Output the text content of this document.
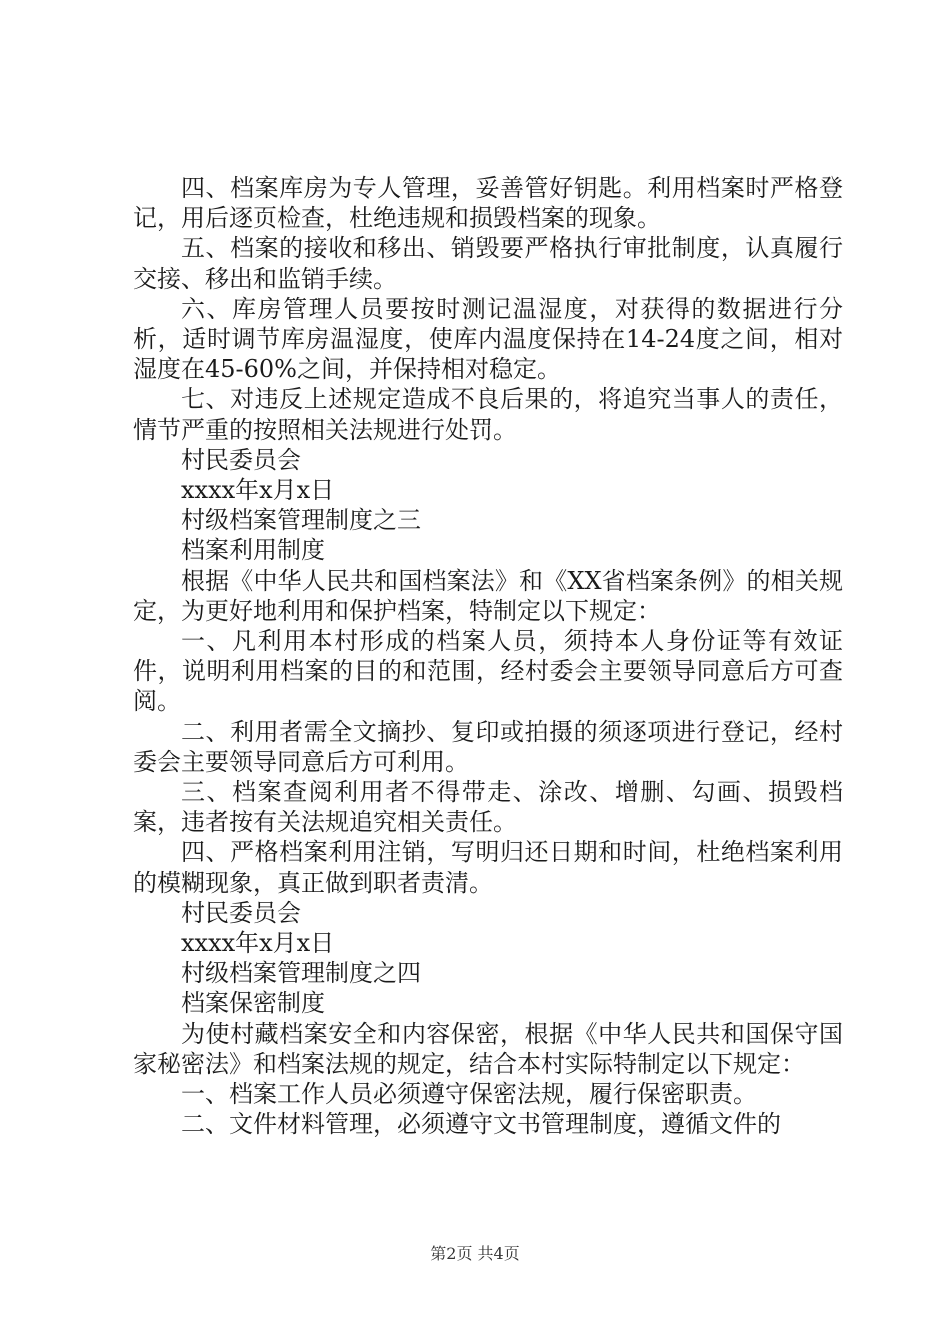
四、档案库房为专人管理，妥善管好钥匙。利用档案时严格登记，用后逐页检查，杜绝违规和损毁档案的现象。

五、档案的接收和移出、销毁要严格执行审批制度，认真履行交接、移出和监销手续。

六、库房管理人员要按时测记温湿度，对获得的数据进行分析，适时调节库房温湿度，使库内温度保持在14-24度之间，相对湿度在45-60%之间，并保持相对稳定。

七、对违反上述规定造成不良后果的，将追究当事人的责任，情节严重的按照相关法规进行处罚。

村民委员会

xxxx年x月x日

村级档案管理制度之三

档案利用制度

根据《中华人民共和国档案法》和《XX省档案条例》的相关规定，为更好地利用和保护档案，特制定以下规定：

一、凡利用本村形成的档案人员，须持本人身份证等有效证件，说明利用档案的目的和范围，经村委会主要领导同意后方可查阅。

二、利用者需全文摘抄、复印或拍摄的须逐项进行登记，经村委会主要领导同意后方可利用。

三、档案查阅利用者不得带走、涂改、增删、勾画、损毁档案，违者按有关法规追究相关责任。

四、严格档案利用注销，写明归还日期和时间，杜绝档案利用的模糊现象，真正做到职者责清。

村民委员会

xxxx年x月x日

村级档案管理制度之四

档案保密制度

为使村藏档案安全和内容保密，根据《中华人民共和国保守国家秘密法》和档案法规的规定，结合本村实际特制定以下规定：

一、档案工作人员必须遵守保密法规，履行保密职责。

二、文件材料管理，必须遵守文书管理制度，遵循文件的

第2页 共4页
